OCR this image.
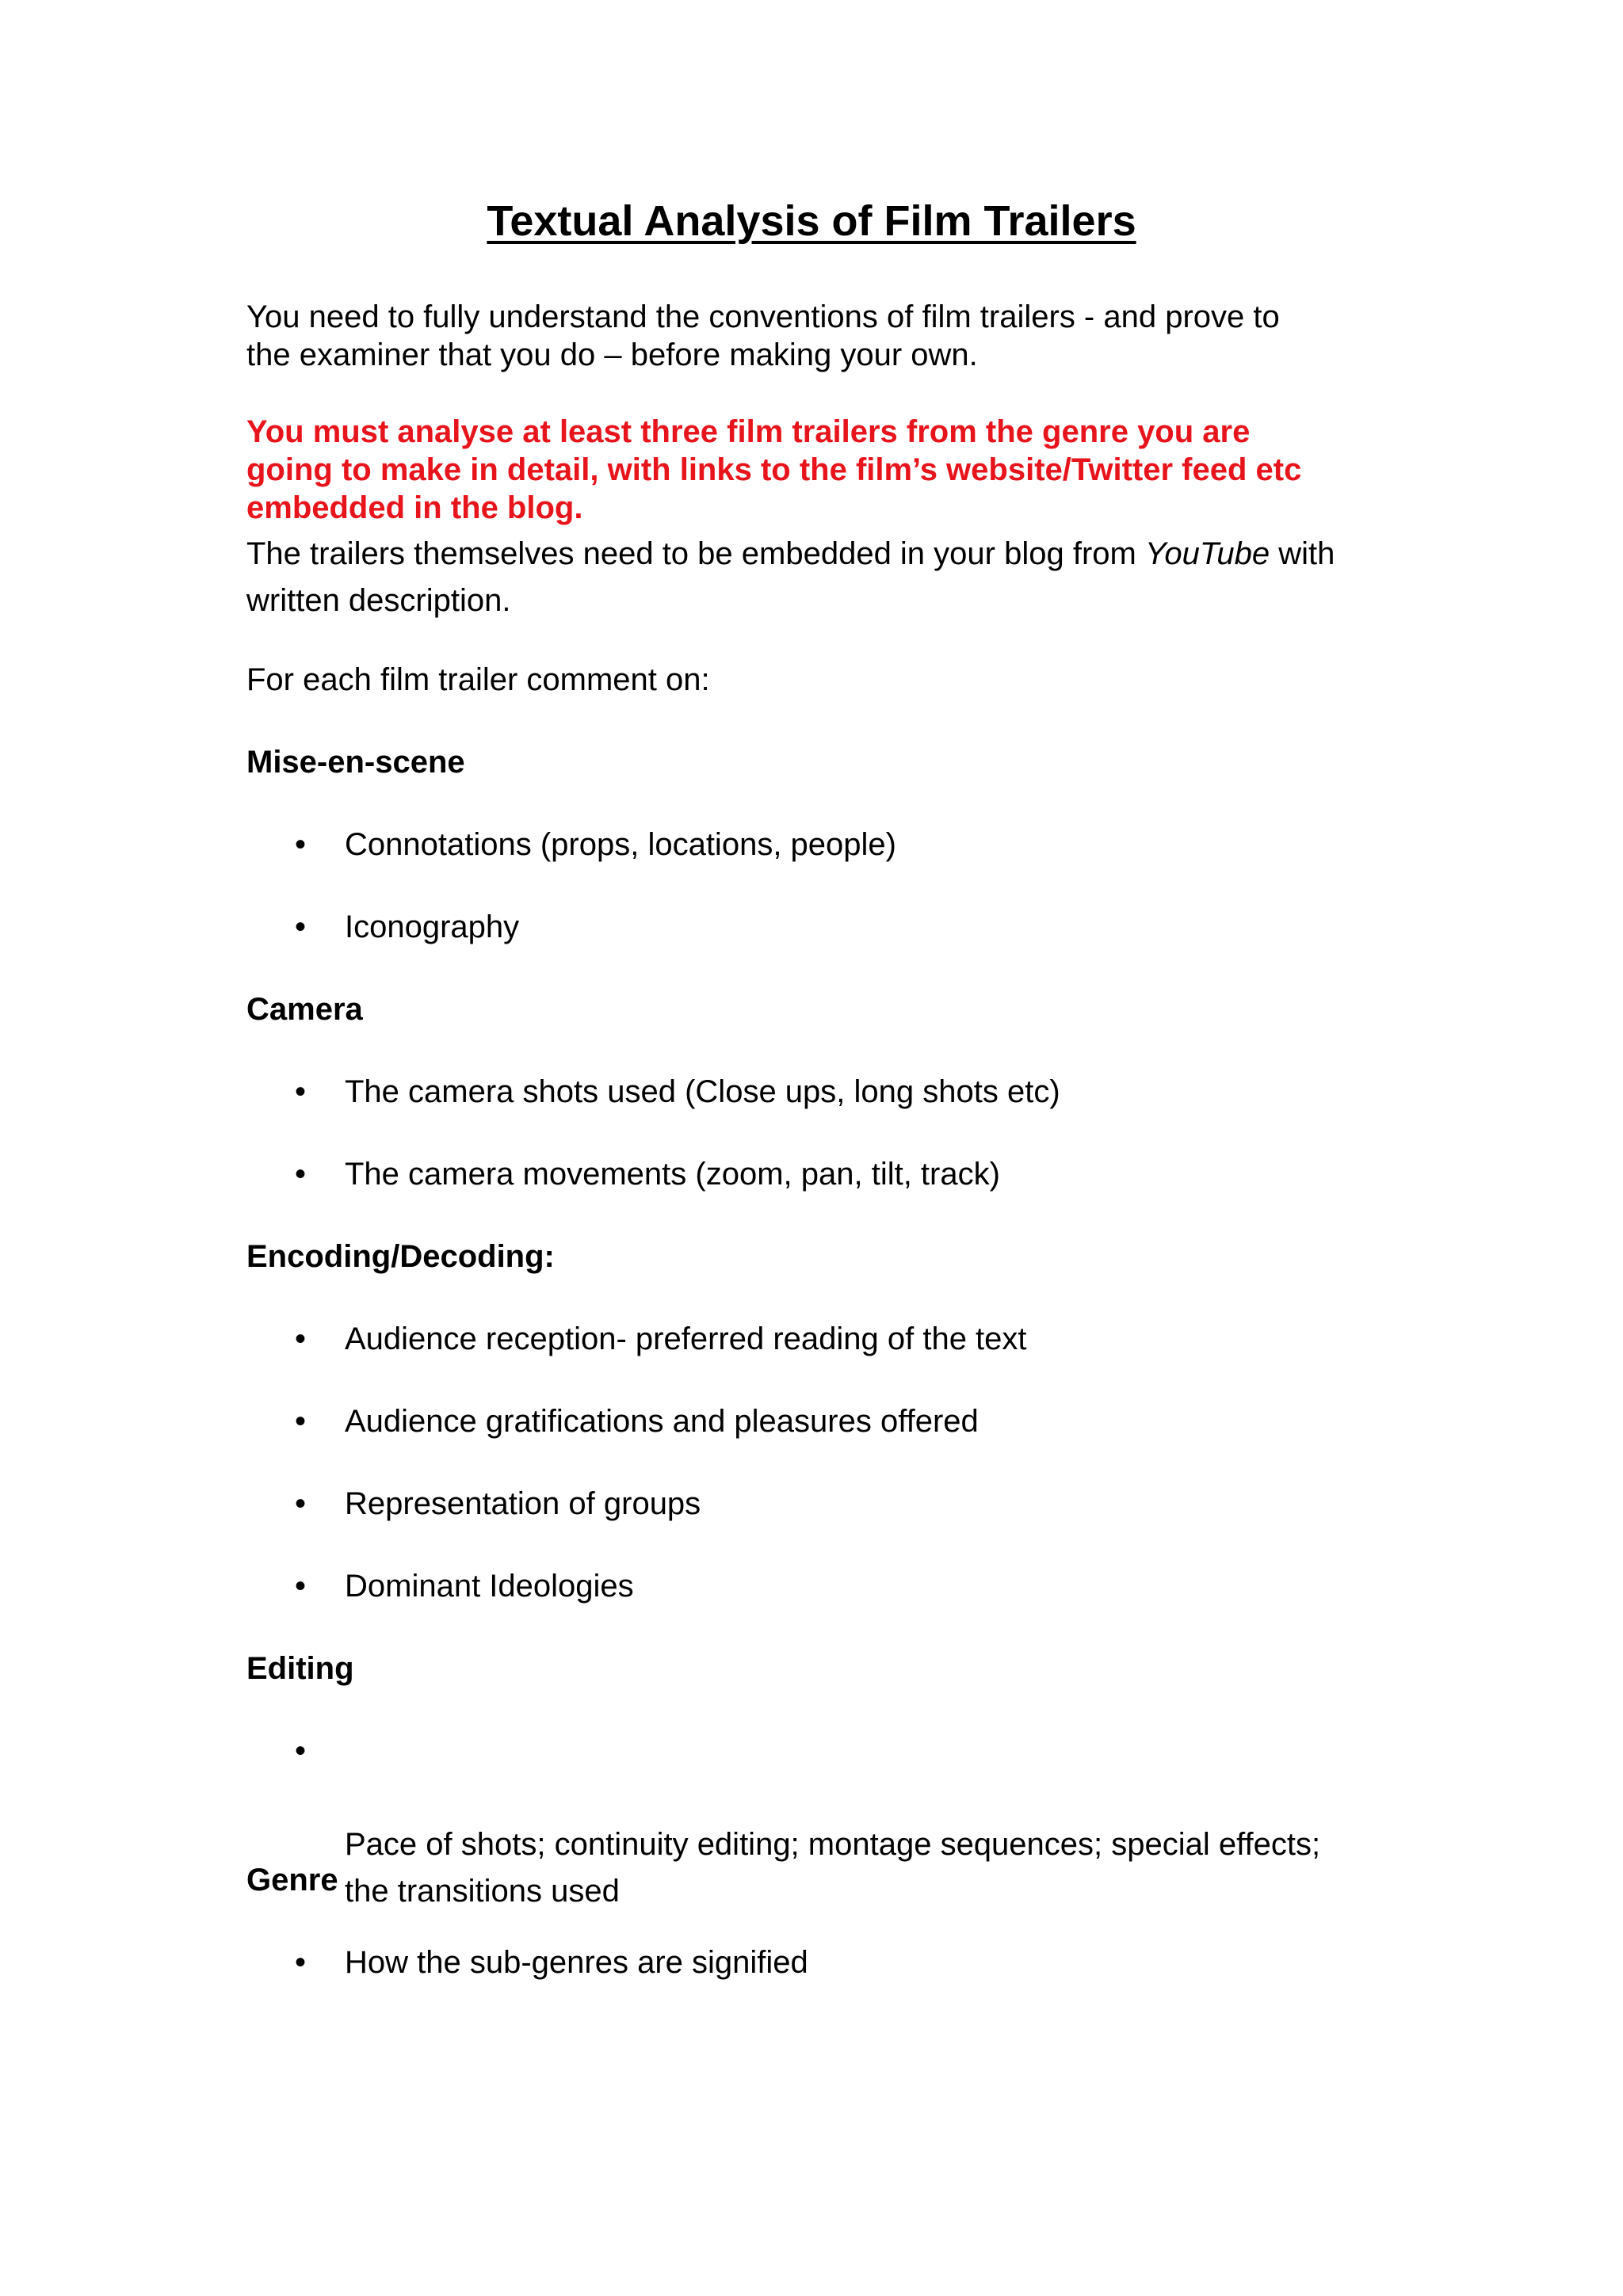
Textual Analysis of Film Trailers
You need to fully understand the conventions of film trailers - and prove to
the examiner that you do – before making your own.
You must analyse at least three film trailers from the genre you are
going to make in detail, with links to the film’s website/Twitter feed etc
embedded in the blog.
The trailers themselves need to be embedded in your blog from YouTube with
written description.
For each film trailer comment on:
Mise-en-scene
•	Connotations (props, locations, people)
•	Iconography
Camera
•	The camera shots used (Close ups, long shots etc)
•	The camera movements (zoom, pan, tilt, track)
Encoding/Decoding:
•	Audience reception- preferred reading of the text
•	Audience gratifications and pleasures offered
•	Representation of groups
•	Dominant Ideologies
Editing

•

Pace of shots; continuity editing; montage sequences; special effects;
the transitions used

Genre
•	How the sub-genres are signified
